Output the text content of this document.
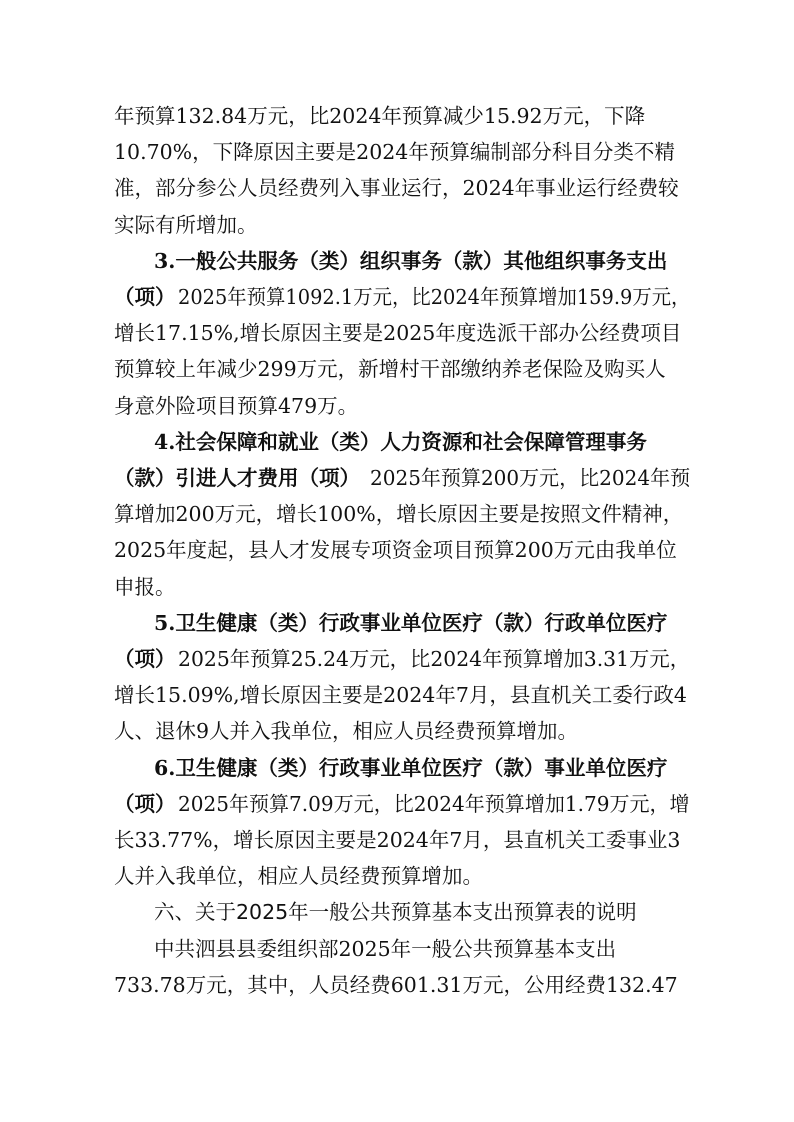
年预算132.84万元，比2024年预算减少15.92万元，下降
10.70%，下降原因主要是2024年预算编制部分科目分类不精
准，部分参公人员经费列入事业运行，2024年事业运行经费较
实际有所增加。
3.一般公共服务（类）组织事务（款）其他组织事务支出
（项） 2025年预算1092.1万元，比2024年预算增加159.9万元，
增长17.15%,增长原因主要是2025年度选派干部办公经费项目
预算较上年减少299万元，新增村干部缴纳养老保险及购买人
身意外险项目预算479万。
4.社会保障和就业（类）人力资源和社会保障管理事务
（款）引进人才费用（项） 2025年预算200万元，比2024年预
算增加200万元，增长100%，增长原因主要是按照文件精神，
2025年度起，县人才发展专项资金项目预算200万元由我单位
申报。
5.卫生健康（类）行政事业单位医疗（款）行政单位医疗
（项） 2025年预算25.24万元，比2024年预算增加3.31万元，
增长15.09%,增长原因主要是2024年7月，县直机关工委行政4
人、退休9人并入我单位，相应人员经费预算增加。
6.卫生健康（类）行政事业单位医疗（款）事业单位医疗
（项） 2025年预算7.09万元，比2024年预算增加1.79万元，增
长33.77%，增长原因主要是2024年7月，县直机关工委事业3
人并入我单位，相应人员经费预算增加。
六、关于2025年一般公共预算基本支出预算表的说明
中共泗县县委组织部2025年一般公共预算基本支出
733.78万元，其中，人员经费601.31万元，公用经费132.47
